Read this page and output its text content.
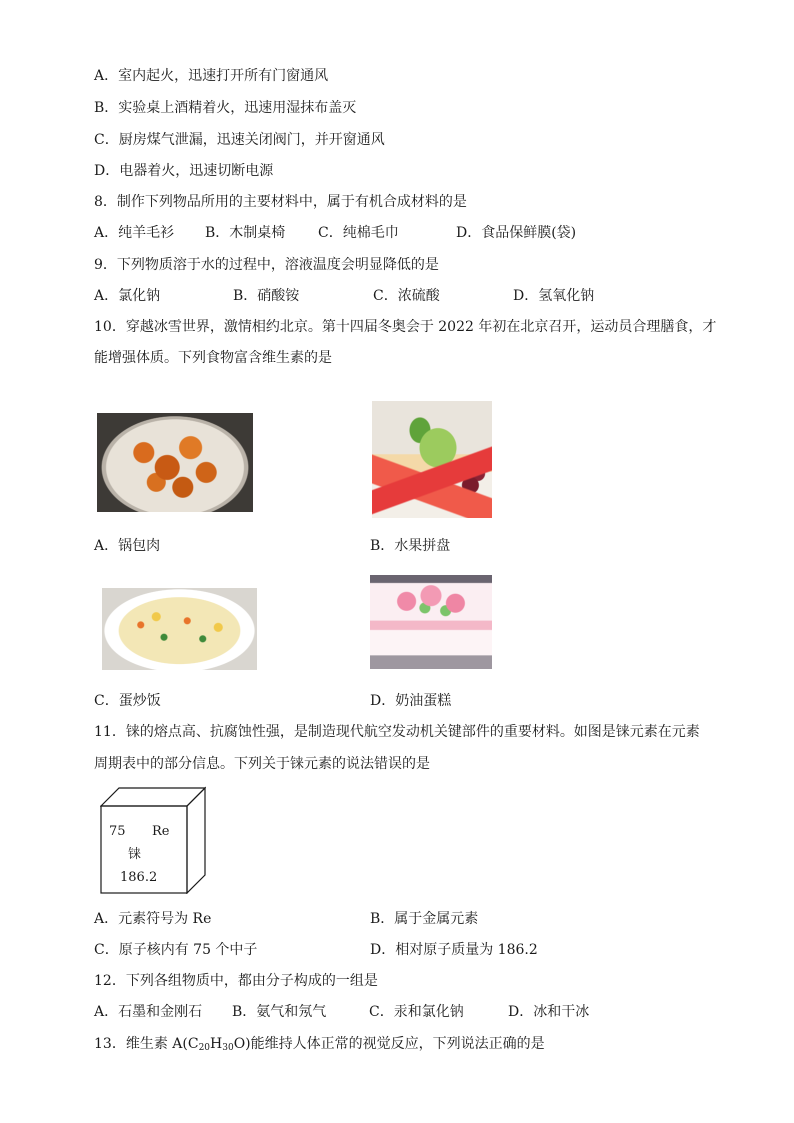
A．室内起火，迅速打开所有门窗通风
B．实验桌上酒精着火，迅速用湿抹布盖灭
C．厨房煤气泄漏，迅速关闭阀门，并开窗通风
D．电器着火，迅速切断电源
8．制作下列物品所用的主要材料中，属于有机合成材料的是
A．纯羊毛衫 B．木制桌椅 C．纯棉毛巾	D．食品保鲜膜(袋)
9．下列物质溶于水的过程中，溶液温度会明显降低的是
A．氯化钠	B．硝酸铵	C．浓硫酸	D．氢氧化钠
10．穿越冰雪世界，激情相约北京。第十四届冬奥会于 2022 年初在北京召开，运动员合理膳食，才
能增强体质。下列食物富含维生素的是
A．锅包肉	B．水果拼盘
C．蛋炒饭	D．奶油蛋糕
11．铼的熔点高、抗腐蚀性强，是制造现代航空发动机关键部件的重要材料。如图是铼元素在元素
周期表中的部分信息。下列关于铼元素的说法错误的是
75 Re
铼
186.2
A．元素符号为 Re	B．属于金属元素
C．原子核内有 75 个中子	D．相对原子质量为 186.2
12．下列各组物质中，都由分子构成的一组是
A．石墨和金刚石 B．氨气和氖气	C．汞和氯化钠	D．冰和干冰
13．维生素 $A(C_{20}H_{30}O)$能维持人体正常的视觉反应，下列说法正确的是
